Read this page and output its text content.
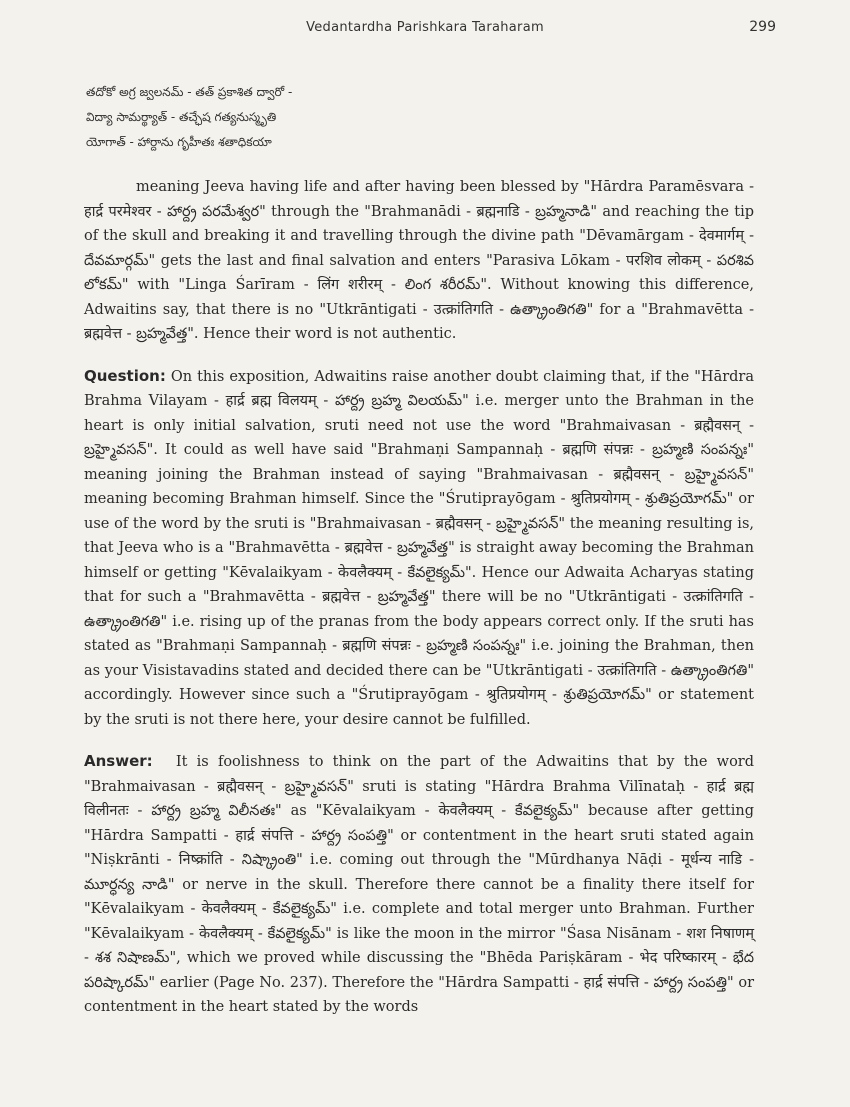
Vedantardha Parishkara Taraharam	299
తదోకో అగ్ర జ్వలనమ్ - తత్ ప్రకాశిత ద్వారో -
విద్యా సామర్థ్యాత్ - తచ్ఛేష గత్యనుస్మృతి
యోగాత్ - హార్దాను గృహీతః శతాధికయా

meaning Jeeva having life and after having been blessed by "Hārdra Paramēsvara - हार्द्र परमेश्वर - హార్ద్ర పరమేశ్వర" through the "Brahmanādi - ब्रह्मनाडि - బ్రహ్మనాడి" and reaching the tip of the skull and breaking it and travelling through the divine path "Dēvamārgam - देवमार्गम् - దేవమార్గమ్" gets the last and final salvation and enters "Parasiva Lōkam - परशिव लोकम् - పరశివ లోకమ్" with "Linga Śarīram - लिंग शरीरम् - లింగ శరీరమ్". Without knowing this difference, Adwaitins say, that there is no "Utkrāntigati - उत्क्रांतिगति - ఉత్క్రాంతిగతి" for a "Brahmavētta - ब्रह्मवेत्त - బ్రహ్మవేత్త". Hence their word is not authentic.

Question: On this exposition, Adwaitins raise another doubt claiming that, if the "Hārdra Brahma Vilayam - हार्द्र ब्रह्म विलयम् - హార్ద్ర బ్రహ్మ విలయమ్" i.e. merger unto the Brahman in the heart is only initial salvation, sruti need not use the word "Brahmaivasan - ब्रह्मैवसन् - బ్రహ్మైవసన్". It could as well have said "Brahmaṇi Sampannaḥ - ब्रह्मणि संपन्नः - బ్రహ్మణి సంపన్నః" meaning joining the Brahman instead of saying "Brahmaivasan - ब्रह्मैवसन् - బ్రహ్మైవసన్" meaning becoming Brahman himself. Since the "Śrutiprayōgam - श्रुतिप्रयोगम् - శ్రుతిప్రయోగమ్" or use of the word by the sruti is "Brahmaivasan - ब्रह्मैवसन् - బ్రహ్మైవసన్" the meaning resulting is, that Jeeva who is a "Brahmavētta - ब्रह्मवेत्त - బ్రహ్మవేత్త" is straight away becoming the Brahman himself or getting "Kēvalaikyam - केवलैक्यम् - కేవలైక్యమ్". Hence our Adwaita Acharyas stating that for such a "Brahmavētta - ब्रह्मवेत्त - బ్రహ్మవేత్త" there will be no "Utkrāntigati - उत्क्रांतिगति - ఉత్క్రాంతిగతి" i.e. rising up of the pranas from the body appears correct only. If the sruti has stated as "Brahmaṇi Sampannaḥ - ब्रह्मणि संपन्नः - బ్రహ్మణి సంపన్నః" i.e. joining the Brahman, then as your Visistavadins stated and decided there can be "Utkrāntigati - उत्क्रांतिगति - ఉత్క్రాంతిగతి" accordingly. However since such a "Śrutiprayōgam - श्रुतिप्रयोगम् - శ్రుతిప్రయోగమ్" or statement by the sruti is not there here, your desire cannot be fulfilled.

Answer: It is foolishness to think on the part of the Adwaitins that by the word "Brahmaivasan - ब्रह्मैवसन् - బ్రహ్మైవసన్" sruti is stating "Hārdra Brahma Vilīnataḥ - हार्द्र ब्रह्म विलीनतः - హార్ద్ర బ్రహ్మ విలీనతః" as "Kēvalaikyam - केवलैक्यम् - కేవలైక్యమ్" because after getting "Hārdra Sampatti - हार्द्र संपत्ति - హార్ద్ర సంపత్తి" or contentment in the heart sruti stated again "Niṣkrānti - निष्क्रांति - నిష్క్రాంతి" i.e. coming out through the "Mūrdhanya Nāḍi - मूर्धन्य नाडि - మూర్ధన్య నాడి" or nerve in the skull. Therefore there cannot be a finality there itself for "Kēvalaikyam - केवलैक्यम् - కేవలైక్యమ్" i.e. complete and total merger unto Brahman. Further "Kēvalaikyam - केवलैक्यम् - కేవలైక్యమ్" is like the moon in the mirror "Śasa Nisānam - शश निषाणम् - శశ నిషాణమ్", which we proved while discussing the "Bhēda Pariṣkāram - भेद परिष्कारम् - భేద పరిష్కారమ్" earlier (Page No. 237). Therefore the "Hārdra Sampatti - हार्द्र संपत्ति - హార్ద్ర సంపత్తి" or contentment in the heart stated by the words
